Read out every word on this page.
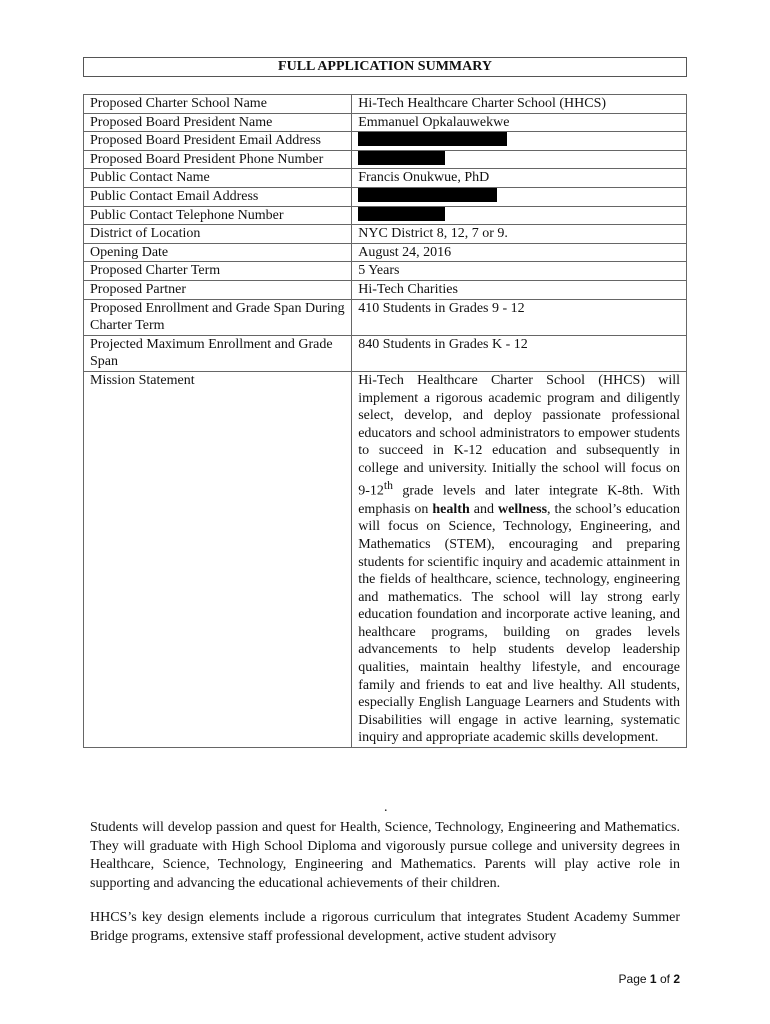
FULL APPLICATION SUMMARY
Proposed Charter School Name	Hi-Tech Healthcare Charter School (HHCS)
Proposed Board President Name	Emmanuel Opkalauwekwe
Proposed Board President Email Address	
Proposed Board President Phone Number	
Public Contact Name	Francis Onukwue, PhD
Public Contact Email Address	
Public Contact Telephone Number	
District of Location	NYC District 8, 12, 7 or 9.
Opening Date	August 24, 2016
Proposed Charter Term	5 Years
Proposed Partner	Hi-Tech Charities
Proposed Enrollment and Grade Span During Charter Term	410 Students in Grades 9 - 12
Projected Maximum Enrollment and Grade Span	840 Students in Grades K - 12
Mission Statement	Hi-Tech Healthcare Charter School (HHCS) will implement a rigorous academic program and diligently select, develop, and deploy passionate professional educators and school administrators to empower students to succeed in K-12 education and subsequently in college and university. Initially the school will focus on 9-12th grade levels and later integrate K-8th. With emphasis on health and wellness, the school’s education will focus on Science, Technology, Engineering, and Mathematics (STEM), encouraging and preparing students for scientific inquiry and academic attainment in the fields of healthcare, science, technology, engineering and mathematics. The school will lay strong early education foundation and incorporate active leaning, and healthcare programs, building on grades levels advancements to help students develop leadership qualities, maintain healthy lifestyle, and encourage family and friends to eat and live healthy. All students, especially English Language Learners and Students with Disabilities will engage in active learning, systematic inquiry and appropriate academic skills development.
.

Students will develop passion and quest for Health, Science, Technology, Engineering and Mathematics. They will graduate with High School Diploma and vigorously pursue college and university degrees in Healthcare, Science, Technology, Engineering and Mathematics. Parents will play active role in supporting and advancing the educational achievements of their children.

HHCS’s key design elements include a rigorous curriculum that integrates Student Academy Summer Bridge programs, extensive staff professional development, active student advisory

Page 1 of 2
